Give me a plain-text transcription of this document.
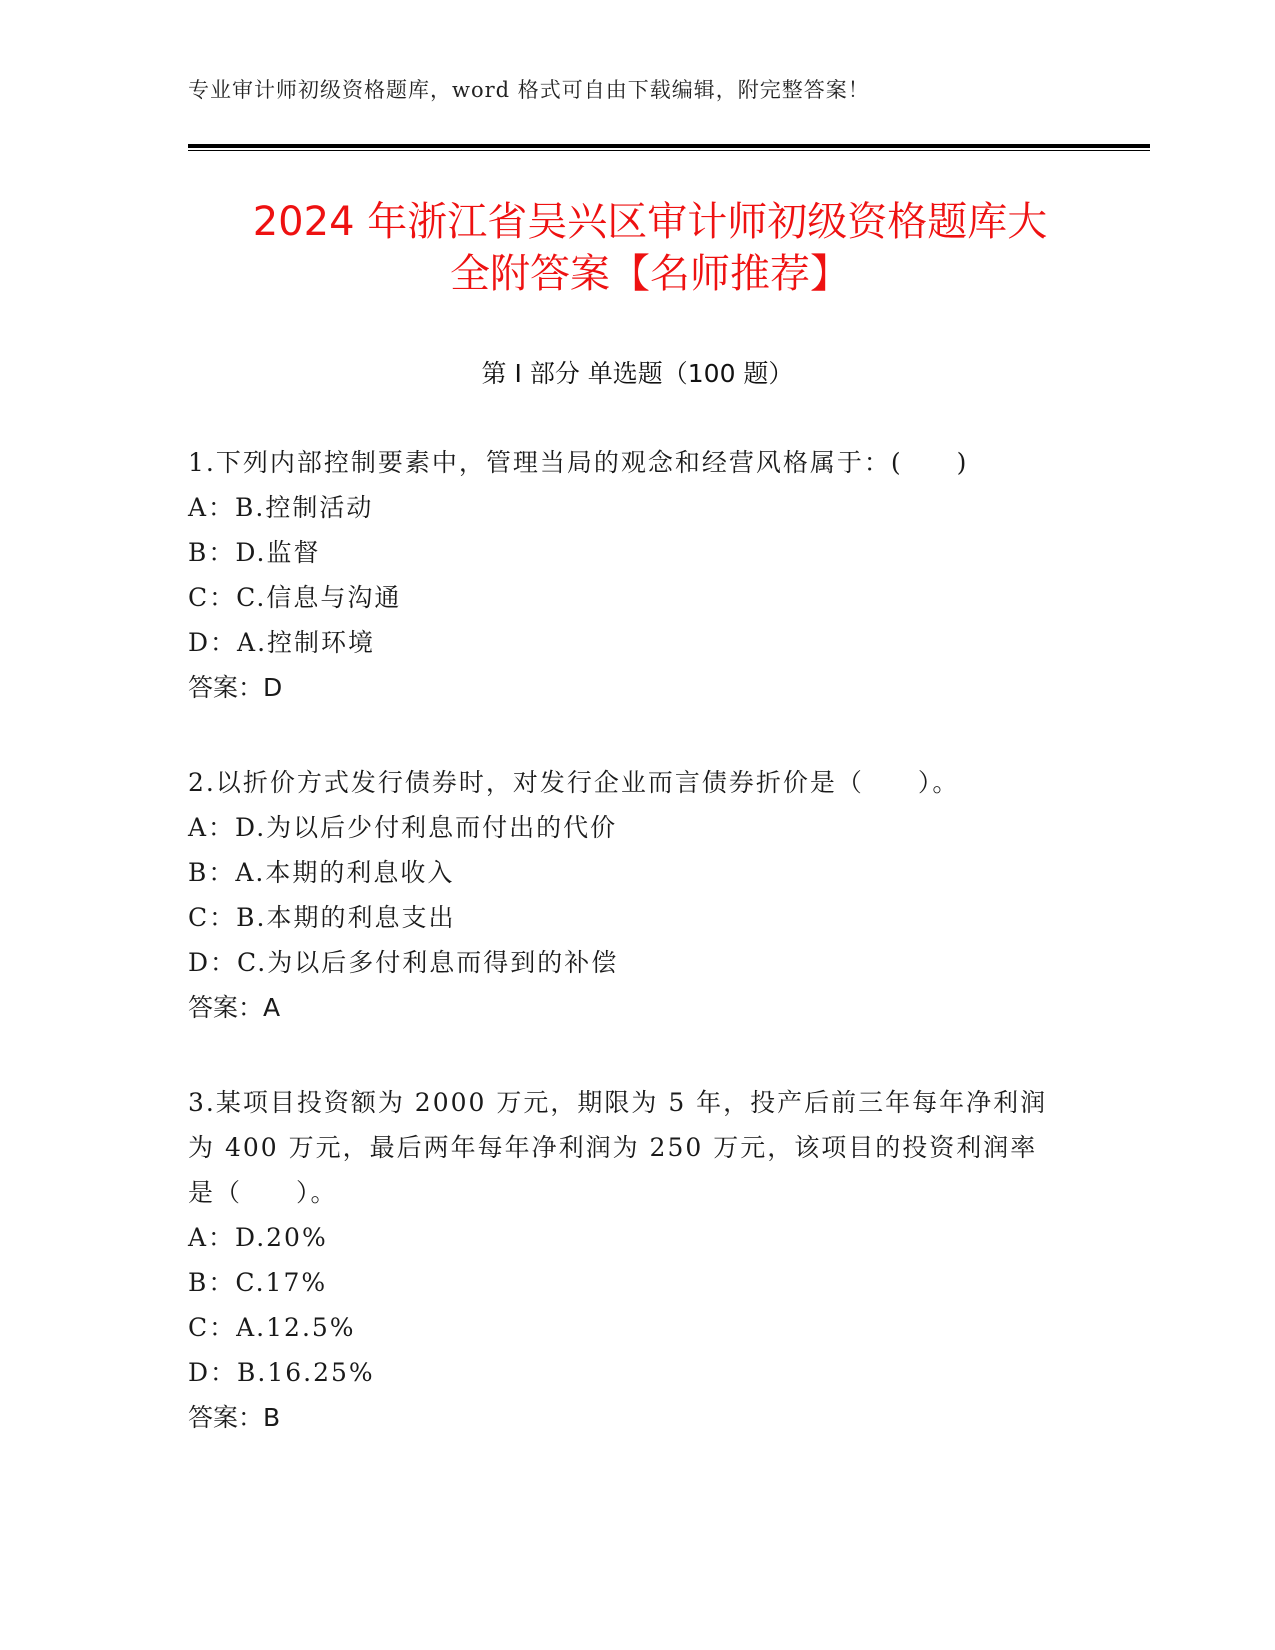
专业审计师初级资格题库，word 格式可自由下载编辑，附完整答案！
2024 年浙江省吴兴区审计师初级资格题库大
全附答案【名师推荐】
第 I 部分 单选题（100 题）

1.下列内部控制要素中，管理当局的观念和经营风格属于：(　　)

A：B.控制活动

B：D.监督

C：C.信息与沟通

D：A.控制环境

答案：D

2.以折价方式发行债券时，对发行企业而言债券折价是（　　）。

A：D.为以后少付利息而付出的代价

B：A.本期的利息收入

C：B.本期的利息支出

D：C.为以后多付利息而得到的补偿

答案：A

3.某项目投资额为 2000 万元，期限为 5 年，投产后前三年每年净利润

为 400 万元，最后两年每年净利润为 250 万元，该项目的投资利润率

是（　　）。

A：D.20%

B：C.17%

C：A.12.5%

D：B.16.25%

答案：B
